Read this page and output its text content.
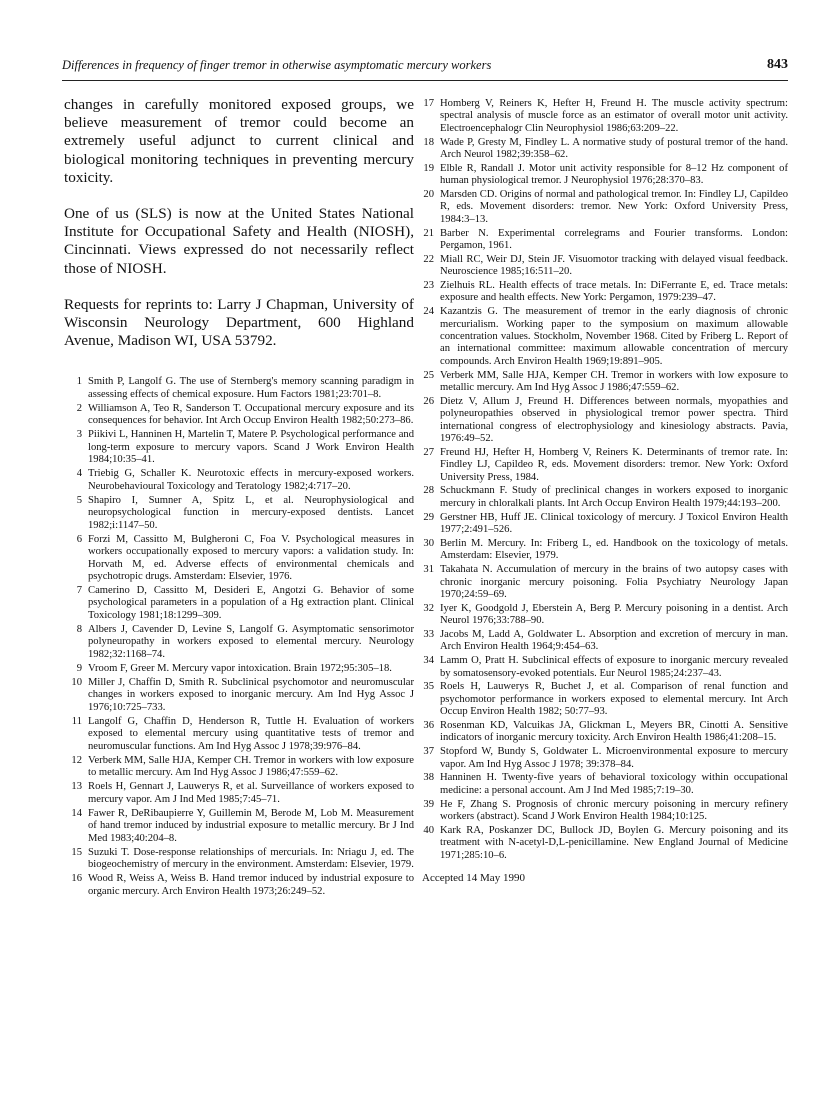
Differences in frequency of finger tremor in otherwise asymptomatic mercury workers	843

changes in carefully monitored exposed groups, we believe measurement of tremor could become an extremely useful adjunct to current clinical and biological monitoring techniques in preventing mercury toxicity.

One of us (SLS) is now at the United States National Institute for Occupational Safety and Health (NIOSH), Cincinnati. Views expressed do not necessarily reflect those of NIOSH.

Requests for reprints to: Larry J Chapman, University of Wisconsin Neurology Department, 600 Highland Avenue, Madison WI, USA 53792.

1 Smith P, Langolf G. The use of Sternberg's memory scanning paradigm in assessing effects of chemical exposure. Hum Factors 1981;23:701–8.
2 Williamson A, Teo R, Sanderson T. Occupational mercury exposure and its consequences for behavior. Int Arch Occup Environ Health 1982;50:273–86.
3 Piikivi L, Hanninen H, Martelin T, Matere P. Psychological performance and long-term exposure to mercury vapors. Scand J Work Environ Health 1984;10:35–41.
4 Triebig G, Schaller K. Neurotoxic effects in mercury-exposed workers. Neurobehavioural Toxicology and Teratology 1982;4:717–20.
5 Shapiro I, Sumner A, Spitz L, et al. Neurophysiological and neuropsychological function in mercury-exposed dentists. Lancet 1982;i:1147–50.
6 Forzi M, Cassitto M, Bulgheroni C, Foa V. Psychological measures in workers occupationally exposed to mercury vapors: a validation study. In: Horvath M, ed. Adverse effects of environmental chemicals and psychotropic drugs. Amsterdam: Elsevier, 1976.
7 Camerino D, Cassitto M, Desideri E, Angotzi G. Behavior of some psychological parameters in a population of a Hg extraction plant. Clinical Toxicology 1981;18:1299–309.
8 Albers J, Cavender D, Levine S, Langolf G. Asymptomatic sensorimotor polyneuropathy in workers exposed to elemental mercury. Neurology 1982;32:1168–74.
9 Vroom F, Greer M. Mercury vapor intoxication. Brain 1972;95:305–18.
10 Miller J, Chaffin D, Smith R. Subclinical psychomotor and neuromuscular changes in workers exposed to inorganic mercury. Am Ind Hyg Assoc J 1976;10:725–733.
11 Langolf G, Chaffin D, Henderson R, Tuttle H. Evaluation of workers exposed to elemental mercury using quantitative tests of tremor and neuromuscular functions. Am Ind Hyg Assoc J 1978;39:976–84.
12 Verberk MM, Salle HJA, Kemper CH. Tremor in workers with low exposure to metallic mercury. Am Ind Hyg Assoc J 1986;47:559–62.
13 Roels H, Gennart J, Lauwerys R, et al. Surveillance of workers exposed to mercury vapor. Am J Ind Med 1985;7:45–71.
14 Fawer R, DeRibaupierre Y, Guillemin M, Berode M, Lob M. Measurement of hand tremor induced by industrial exposure to metallic mercury. Br J Ind Med 1983;40:204–8.
15 Suzuki T. Dose-response relationships of mercurials. In: Nriagu J, ed. The biogeochemistry of mercury in the environment. Amsterdam: Elsevier, 1979.
16 Wood R, Weiss A, Weiss B. Hand tremor induced by industrial exposure to organic mercury. Arch Environ Health 1973;26:249–52.
17 Homberg V, Reiners K, Hefter H, Freund H. The muscle activity spectrum: spectral analysis of muscle force as an estimator of overall motor unit activity. Electroencephalogr Clin Neurophysiol 1986;63:209–22.
18 Wade P, Gresty M, Findley L. A normative study of postural tremor of the hand. Arch Neurol 1982;39:358–62.
19 Elble R, Randall J. Motor unit activity responsible for 8–12 Hz component of human physiological tremor. J Neurophysiol 1976;28:370–83.
20 Marsden CD. Origins of normal and pathological tremor. In: Findley LJ, Capildeo R, eds. Movement disorders: tremor. New York: Oxford University Press, 1984:3–13.
21 Barber N. Experimental correlegrams and Fourier transforms. London: Pergamon, 1961.
22 Miall RC, Weir DJ, Stein JF. Visuomotor tracking with delayed visual feedback. Neuroscience 1985;16:511–20.
23 Zielhuis RL. Health effects of trace metals. In: DiFerrante E, ed. Trace metals: exposure and health effects. New York: Pergamon, 1979:239–47.
24 Kazantzis G. The measurement of tremor in the early diagnosis of chronic mercurialism. Working paper to the symposium on maximum allowable concentration values. Stockholm, November 1968. Cited by Friberg L. Report of an international committee: maximum allowable concentration of mercury compounds. Arch Environ Health 1969;19:891–905.
25 Verberk MM, Salle HJA, Kemper CH. Tremor in workers with low exposure to metallic mercury. Am Ind Hyg Assoc J 1986;47:559–62.
26 Dietz V, Allum J, Freund H. Differences between normals, myopathies and polyneuropathies observed in physiological tremor power spectra. Third international congress of electrophysiology and kinesiology abstracts. Pavia, 1976:49–52.
27 Freund HJ, Hefter H, Homberg V, Reiners K. Determinants of tremor rate. In: Findley LJ, Capildeo R, eds. Movement disorders: tremor. New York: Oxford University Press, 1984.
28 Schuckmann F. Study of preclinical changes in workers exposed to inorganic mercury in chloralkali plants. Int Arch Occup Environ Health 1979;44:193–200.
29 Gerstner HB, Huff JE. Clinical toxicology of mercury. J Toxicol Environ Health 1977;2:491–526.
30 Berlin M. Mercury. In: Friberg L, ed. Handbook on the toxicology of metals. Amsterdam: Elsevier, 1979.
31 Takahata N. Accumulation of mercury in the brains of two autopsy cases with chronic inorganic mercury poisoning. Folia Psychiatry Neurology Japan 1970;24:59–69.
32 Iyer K, Goodgold J, Eberstein A, Berg P. Mercury poisoning in a dentist. Arch Neurol 1976;33:788–90.
33 Jacobs M, Ladd A, Goldwater L. Absorption and excretion of mercury in man. Arch Environ Health 1964;9:454–63.
34 Lamm O, Pratt H. Subclinical effects of exposure to inorganic mercury revealed by somatosensory-evoked potentials. Eur Neurol 1985;24:237–43.
35 Roels H, Lauwerys R, Buchet J, et al. Comparison of renal function and psychomotor performance in workers exposed to elemental mercury. Int Arch Occup Environ Health 1982; 50:77–93.
36 Rosenman KD, Valcuikas JA, Glickman L, Meyers BR, Cinotti A. Sensitive indicators of inorganic mercury toxicity. Arch Environ Health 1986;41:208–15.
37 Stopford W, Bundy S, Goldwater L. Microenvironmental exposure to mercury vapor. Am Ind Hyg Assoc J 1978; 39:378–84.
38 Hanninen H. Twenty-five years of behavioral toxicology within occupational medicine: a personal account. Am J Ind Med 1985;7:19–30.
39 He F, Zhang S. Prognosis of chronic mercury poisoning in mercury refinery workers (abstract). Scand J Work Environ Health 1984;10:125.
40 Kark RA, Poskanzer DC, Bullock JD, Boylen G. Mercury poisoning and its treatment with N-acetyl-D,L-penicillamine. New England Journal of Medicine 1971;285:10–6.
Accepted 14 May 1990
